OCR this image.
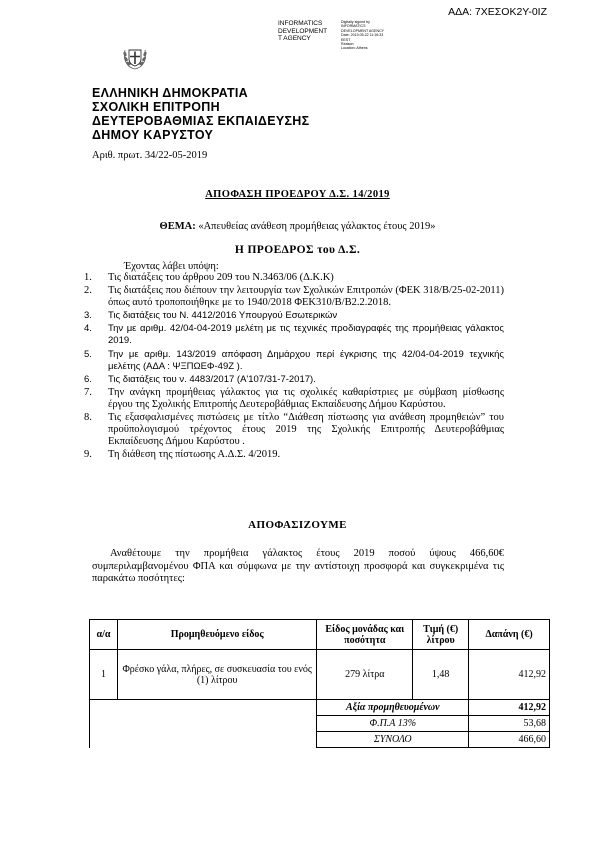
ΑΔΑ: 7ΧΕΣΟΚ2Υ-0ΙΖ
INFORMATICS
DEVELOPMENT
T AGENCY
Digitally signed by
INFORMATICS
DEVELOPMENT AGENCY
Date: 2019.05.22 11:16:33
EEST
Reason:
Location: Athens
ΕΛΛΗΝΙΚΗ ΔΗΜΟΚΡΑΤΙΑ
ΣΧΟΛΙΚΗ ΕΠΙΤΡΟΠΗ
ΔΕΥΤΕΡΟΒΑΘΜΙΑΣ ΕΚΠΑΙΔΕΥΣΗΣ
ΔΗΜΟΥ ΚΑΡΥΣΤΟΥ
Αριθ. πρωτ. 34/22-05-2019
ΑΠΟΦΑΣΗ ΠΡΟΕΔΡΟΥ Δ.Σ. 14/2019
ΘΕΜΑ: «Απευθείας ανάθεση προμήθειας γάλακτος έτους 2019»
Η ΠΡΟΕΔΡΟΣ του Δ.Σ.
Έχοντας λάβει υπόψη:
1. Τις διατάξεις του άρθρου 209 του Ν.3463/06 (Δ.Κ.Κ)
2. Τις διατάξεις που διέπουν την λειτουργία των Σχολικών Επιτροπών (ΦΕΚ 318/Β/25-02-2011) όπως αυτό τροποποιήθηκε με το 1940/2018 ΦΕΚ310/Β/Β2.2.2018.
3. Τις διατάξεις του Ν. 4412/2016 Υπουργού Εσωτερικών
4. Την με αριθμ. 42/04-04-2019 μελέτη με τις τεχνικές προδιαγραφές της προμήθειας γάλακτος 2019.
5. Την με αριθμ. 143/2019 απόφαση Δημάρχου περί έγκρισης της 42/04-04-2019 τεχνικής μελέτης (ΑΔΑ : ΨΞΠΩΕΦ-49Ζ ).
6. Τις διατάξεις του ν. 4483/2017 (Α'107/31-7-2017).
7. Την ανάγκη προμήθειας γάλακτος για τις σχολικές καθαρίστριες με σύμβαση μίσθωσης έργου της Σχολικής Επιτροπής Δευτεροβάθμιας Εκπαίδευσης Δήμου Καρύστου.
8. Τις εξασφαλισμένες πιστώσεις με τίτλο “Διάθεση πίστωσης για ανάθεση προμηθειών” του προϋπολογισμού τρέχοντος έτους 2019 της Σχολικής Επιτροπής Δευτεροβάθμιας Εκπαίδευσης Δήμου Καρύστου .
9. Τη διάθεση της πίστωσης Α.Δ.Σ. 4/2019.
ΑΠΟΦΑΣΙΖΟΥΜΕ
Αναθέτουμε την προμήθεια γάλακτος έτους 2019 ποσού ύψους 466,60€ συμπεριλαμβανομένου ΦΠΑ και σύμφωνα με την αντίστοιχη προσφορά και συγκεκριμένα τις παρακάτω ποσότητες:
α/α	Προμηθευόμενο είδος	Είδος μονάδας και ποσότητα	Τιμή (€) λίτρου	Δαπάνη (€)
1	Φρέσκο γάλα, πλήρες, σε συσκευασία του ενός (1) λίτρου	279 λίτρα	1,48	412,92
		Αξία προμηθευομένων		412,92
		Φ.Π.Α 13%		53,68
		ΣΥΝΟΛΟ		466,60
